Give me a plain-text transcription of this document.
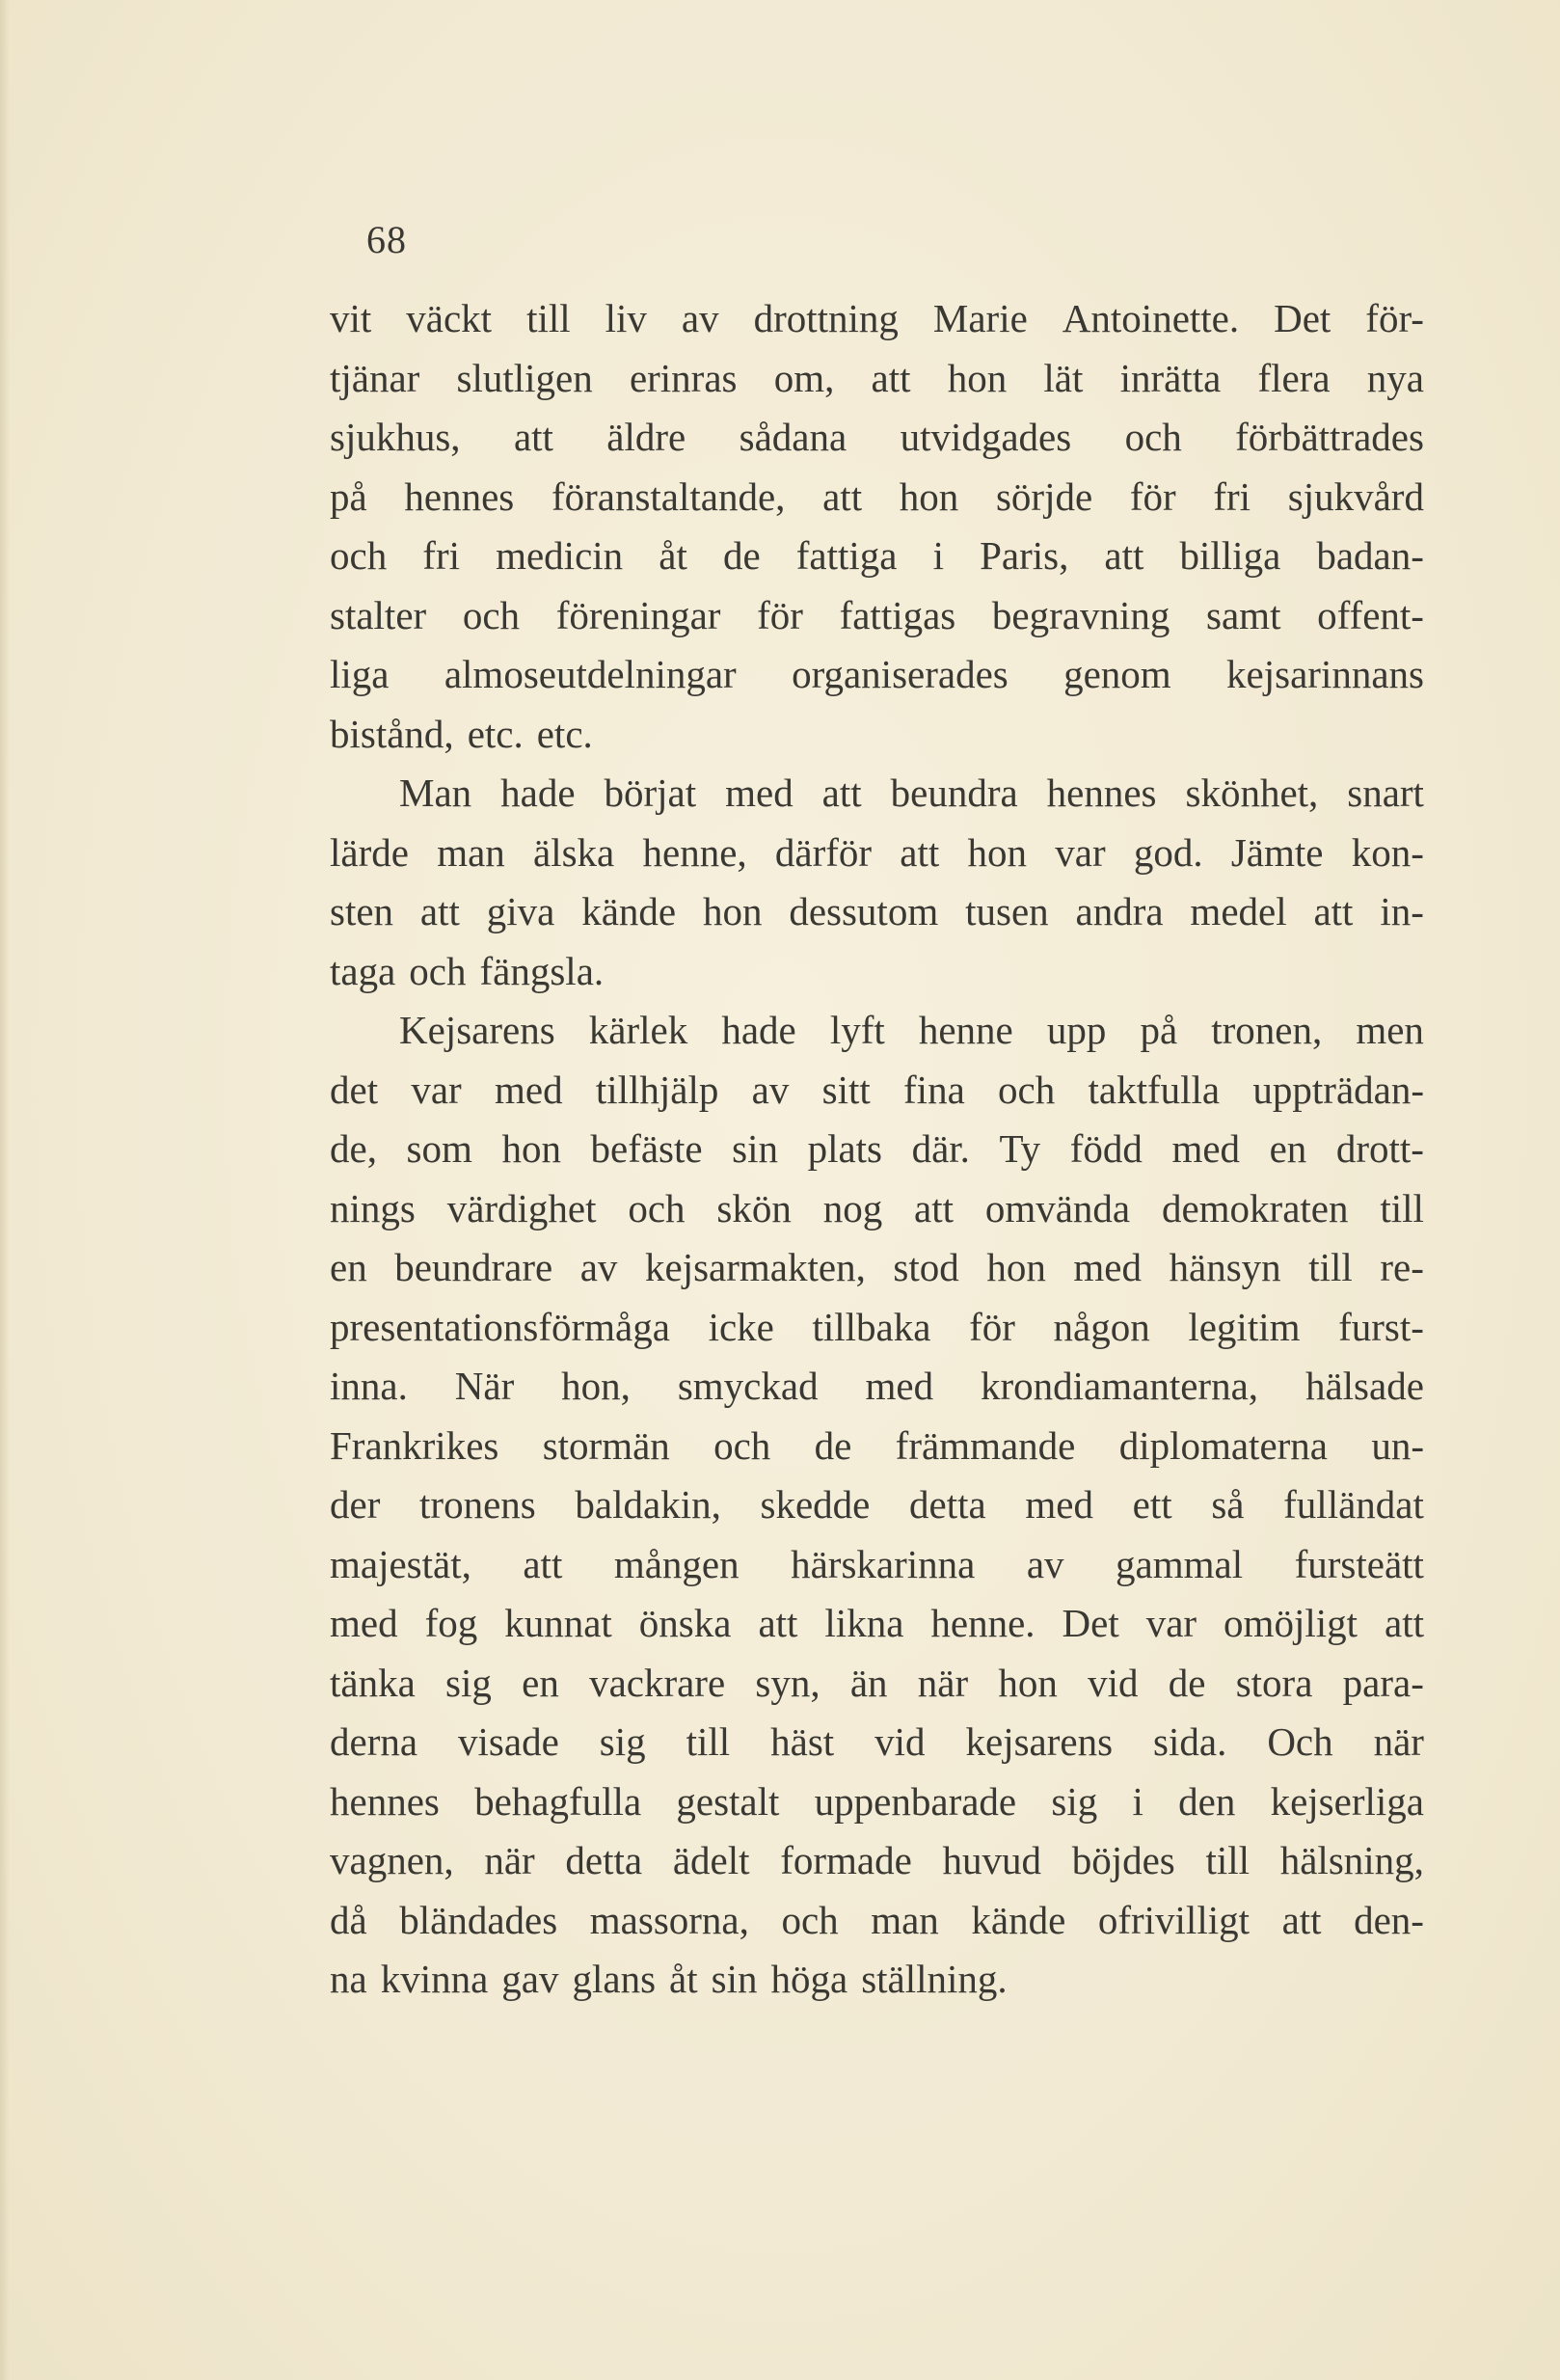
68
vit väckt till liv av drottning Marie Antoinette. Det för-
tjänar slutligen erinras om, att hon lät inrätta flera nya
sjukhus, att äldre sådana utvidgades och förbättrades
på hennes föranstaltande, att hon sörjde för fri sjukvård
och fri medicin åt de fattiga i Paris, att billiga badan-
stalter och föreningar för fattigas begravning samt offent-
liga almoseutdelningar organiserades genom kejsarinnans
bistånd, etc. etc.
Man hade börjat med att beundra hennes skönhet, snart
lärde man älska henne, därför att hon var god. Jämte kon-
sten att giva kände hon dessutom tusen andra medel att in-
taga och fängsla.
Kejsarens kärlek hade lyft henne upp på tronen, men
det var med tillhjälp av sitt fina och taktfulla uppträdan-
de, som hon befäste sin plats där. Ty född med en drott-
nings värdighet och skön nog att omvända demokraten till
en beundrare av kejsarmakten, stod hon med hänsyn till re-
presentationsförmåga icke tillbaka för någon legitim furst-
inna. När hon, smyckad med krondiamanterna, hälsade
Frankrikes stormän och de främmande diplomaterna un-
der tronens baldakin, skedde detta med ett så fulländat
majestät, att mången härskarinna av gammal fursteätt
med fog kunnat önska att likna henne. Det var omöjligt att
tänka sig en vackrare syn, än när hon vid de stora para-
derna visade sig till häst vid kejsarens sida. Och när
hennes behagfulla gestalt uppenbarade sig i den kejserliga
vagnen, när detta ädelt formade huvud böjdes till hälsning,
då bländades massorna, och man kände ofrivilligt att den-
na kvinna gav glans åt sin höga ställning.
